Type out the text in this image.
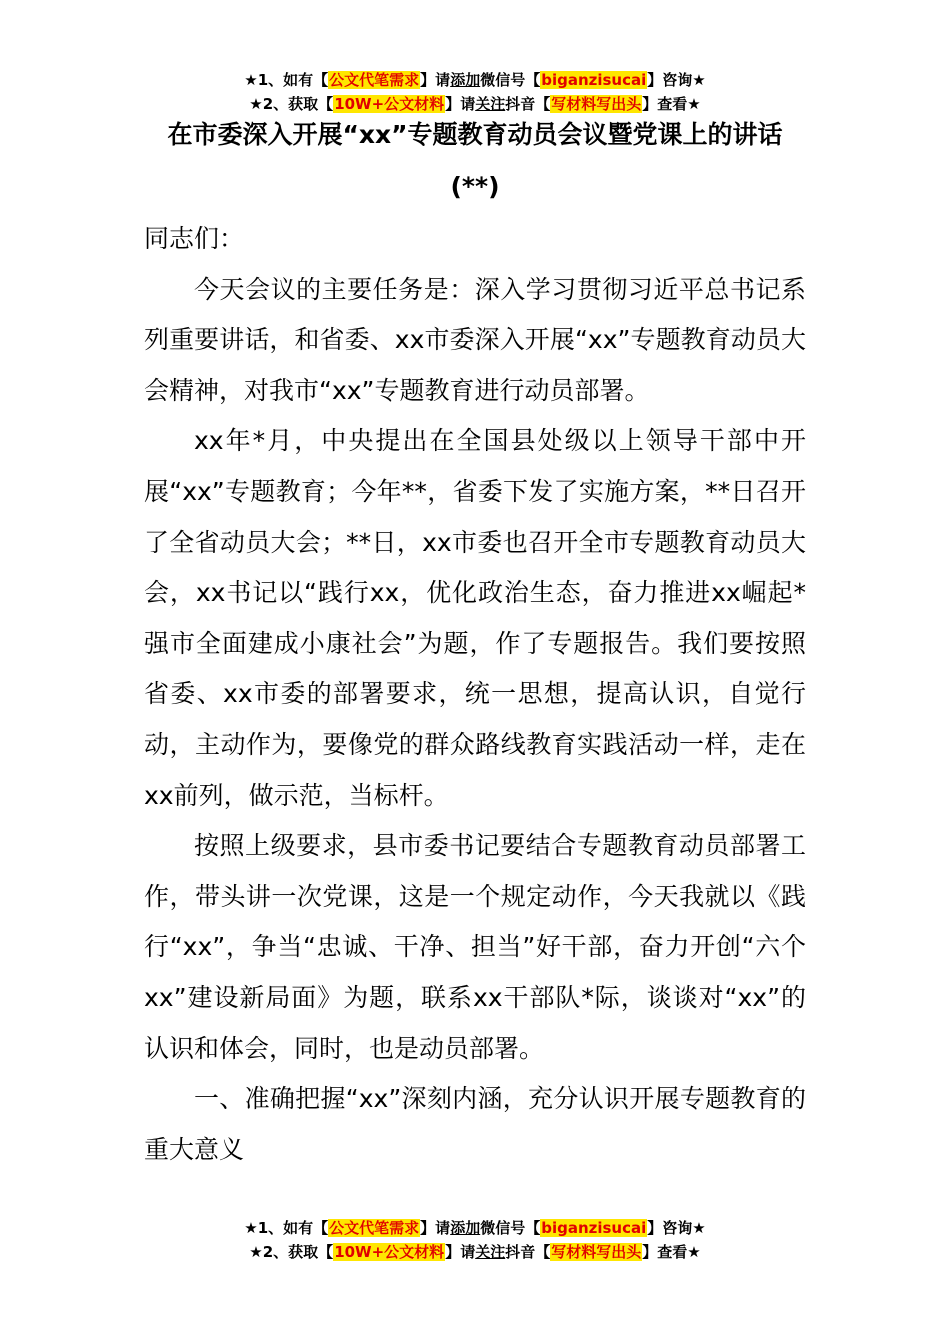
★1、如有【公文代笔需求】请添加微信号【biganzisucai】咨询★
★2、获取【10W+公文材料】请关注抖音【写材料写出头】查看★
在市委深入开展“xx”专题教育动员会议暨党课上的讲话
(**)

同志们：

今天会议的主要任务是：深入学习贯彻习近平总书记系列重要讲话，和省委、xx市委深入开展“xx”专题教育动员大会精神，对我市“xx”专题教育进行动员部署。

xx年*月，中央提出在全国县处级以上领导干部中开展“xx”专题教育；今年**，省委下发了实施方案，**日召开了全省动员大会；**日，xx市委也召开全市专题教育动员大会，xx书记以“践行xx，优化政治生态，奋力推进xx崛起*强市全面建成小康社会”为题，作了专题报告。我们要按照省委、xx市委的部署要求，统一思想，提高认识，自觉行动，主动作为，要像党的群众路线教育实践活动一样，走在xx前列，做示范，当标杆。

按照上级要求，县市委书记要结合专题教育动员部署工作，带头讲一次党课，这是一个规定动作，今天我就以《践行“xx”，争当“忠诚、干净、担当”好干部，奋力开创“六个xx”建设新局面》为题，联系xx干部队*际，谈谈对“xx”的认识和体会，同时，也是动员部署。

一、准确把握“xx”深刻内涵，充分认识开展专题教育的重大意义

★1、如有【公文代笔需求】请添加微信号【biganzisucai】咨询★
★2、获取【10W+公文材料】请关注抖音【写材料写出头】查看★
